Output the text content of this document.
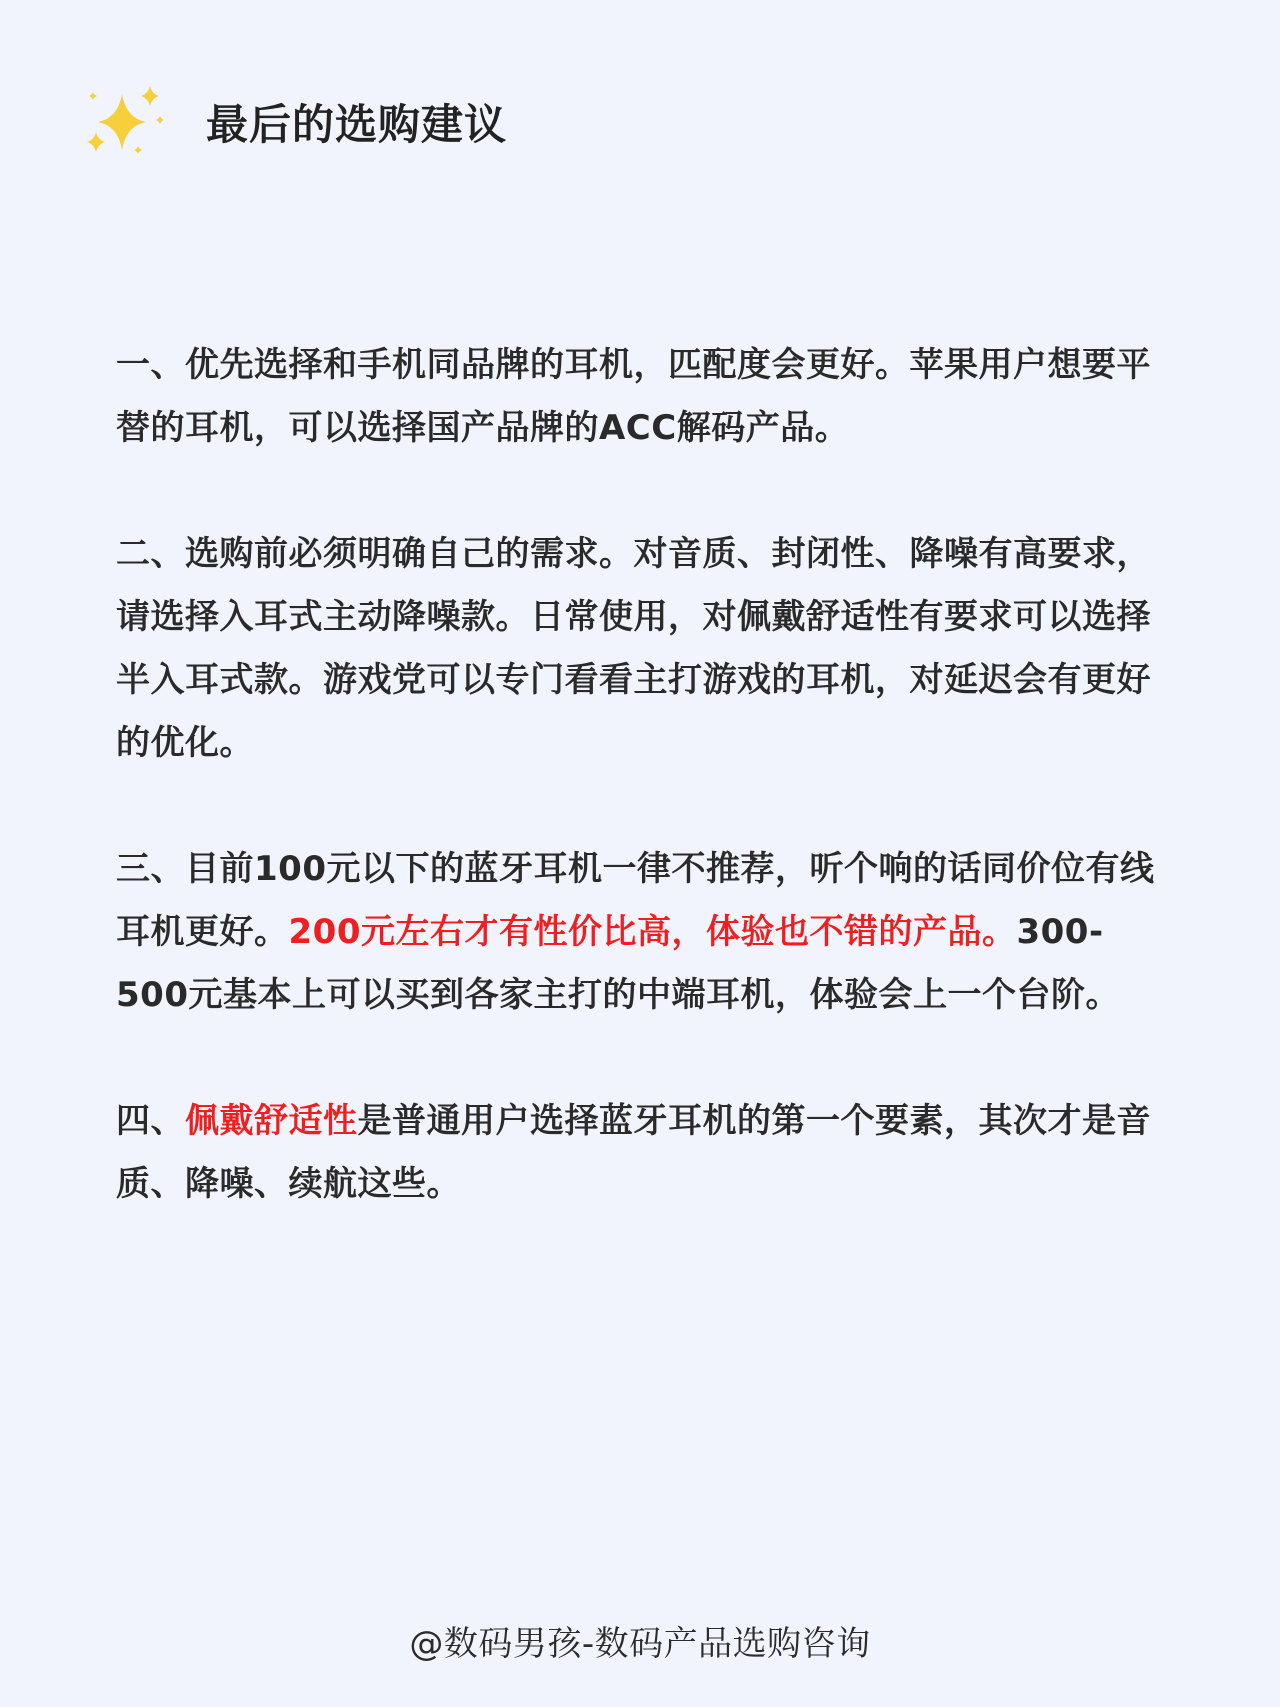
最后的选购建议

一、优先选择和手机同品牌的耳机，匹配度会更好。苹果用户想要平替的耳机，可以选择国产品牌的ACC解码产品。

二、选购前必须明确自己的需求。对音质、封闭性、降噪有高要求，请选择入耳式主动降噪款。日常使用，对佩戴舒适性有要求可以选择半入耳式款。游戏党可以专门看看主打游戏的耳机，对延迟会有更好的优化。

三、目前100元以下的蓝牙耳机一律不推荐，听个响的话同价位有线耳机更好。200元左右才有性价比高，体验也不错的产品。300-500元基本上可以买到各家主打的中端耳机，体验会上一个台阶。

四、佩戴舒适性是普通用户选择蓝牙耳机的第一个要素，其次才是音质、降噪、续航这些。

@数码男孩-数码产品选购咨询
